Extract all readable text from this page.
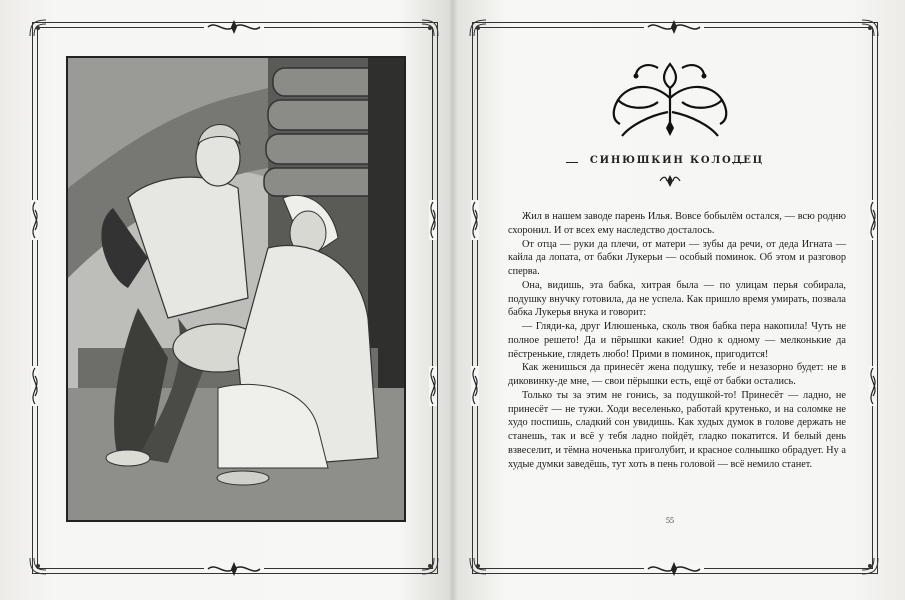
СИНЮШКИН КОЛОДЕЦ

Жил в нашем заводе парень Илья. Вовсе бобылём остался, — всю родню схоронил. И от всех ему наследство досталось.

От отца — руки да плечи, от матери — зубы да речи, от деда Игната — кайла да лопата, от бабки Лукерьи — особый поминок. Об этом и разговор сперва.

Она, видишь, эта бабка, хитрая была — по улицам перья собирала, подушку внучку готовила, да не успела. Как пришло время умирать, позвала бабка Лукерья внука и говорит:

— Гляди-ка, друг Илюшенька, сколь твоя бабка пера накопила! Чуть не полное решето! Да и пёрышки какие! Одно к одному — мелконькие да пёстренькие, глядеть любо! Прими в поминок, пригодится!

Как женишься да принесёт жена подушку, тебе и незазорно будет: не в диковинку-де мне, — свои пёрышки есть, ещё от бабки остались.

Только ты за этим не гонись, за подушкой-то! Принесёт — ладно, не принесёт — не тужи. Ходи веселенько, работай крутенько, и на соломке не худо поспишь, сладкий сон увидишь. Как худых думок в голове держать не станешь, так и всё у тебя ладно пойдёт, гладко покатится. И белый день взвеселит, и тёмна ноченька приголубит, и красное солнышко обрадует. Ну а худые думки заведёшь, тут хоть в пень головой — всё немило станет.

55
